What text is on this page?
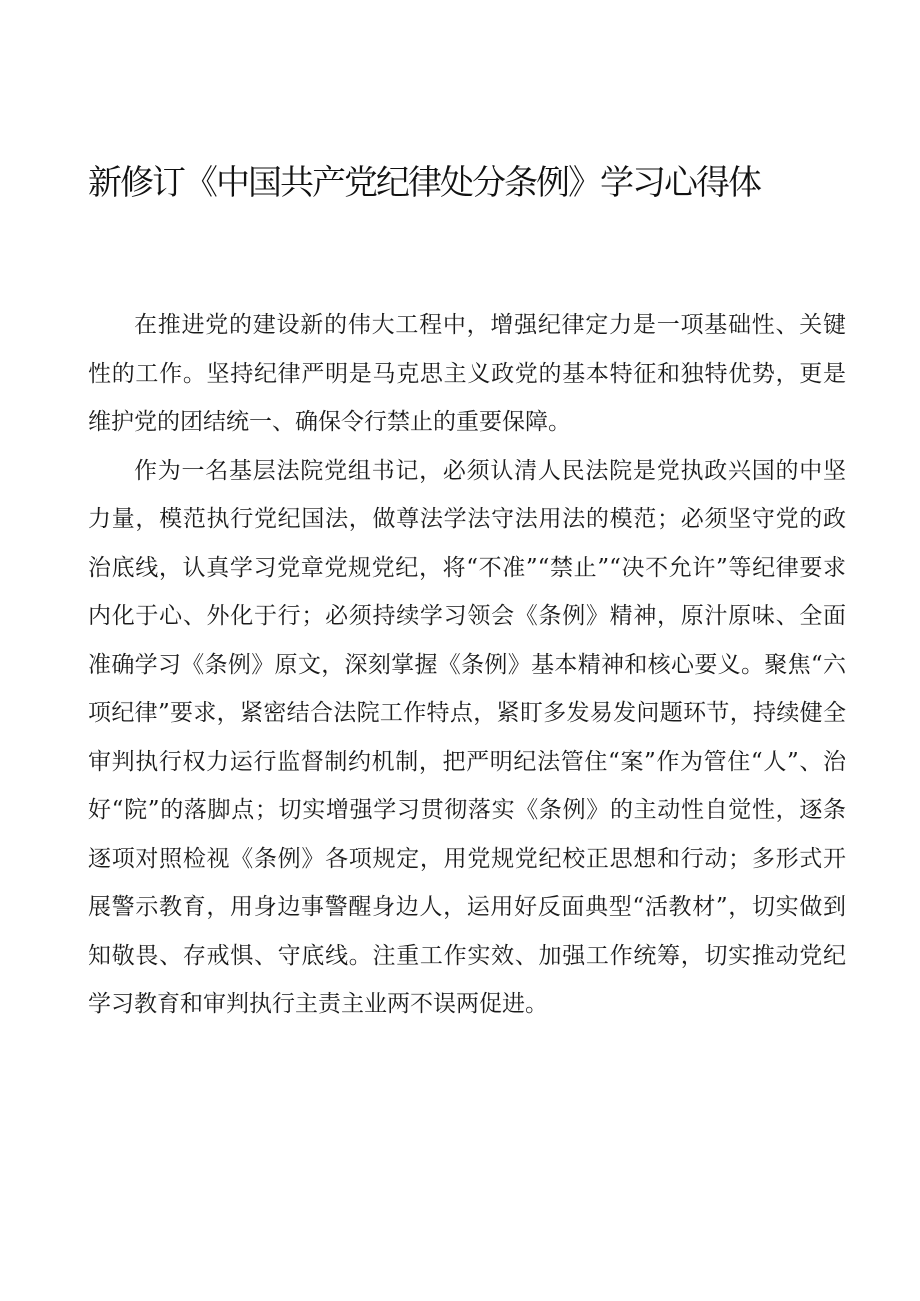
新修订《中国共产党纪律处分条例》学习心得体

在推进党的建设新的伟大工程中，增强纪律定力是一项基础性、关键性的工作。坚持纪律严明是马克思主义政党的基本特征和独特优势，更是维护党的团结统一、确保令行禁止的重要保障。

作为一名基层法院党组书记，必须认清人民法院是党执政兴国的中坚力量，模范执行党纪国法，做尊法学法守法用法的模范；必须坚守党的政治底线，认真学习党章党规党纪，将“不准”“禁止”“决不允许”等纪律要求内化于心、外化于行；必须持续学习领会《条例》精神，原汁原味、全面准确学习《条例》原文，深刻掌握《条例》基本精神和核心要义。聚焦“六项纪律”要求，紧密结合法院工作特点，紧盯多发易发问题环节，持续健全审判执行权力运行监督制约机制，把严明纪法管住“案”作为管住“人”、治好“院”的落脚点；切实增强学习贯彻落实《条例》的主动性自觉性，逐条逐项对照检视《条例》各项规定，用党规党纪校正思想和行动；多形式开展警示教育，用身边事警醒身边人，运用好反面典型“活教材”，切实做到知敬畏、存戒惧、守底线。注重工作实效、加强工作统筹，切实推动党纪学习教育和审判执行主责主业两不误两促进。
